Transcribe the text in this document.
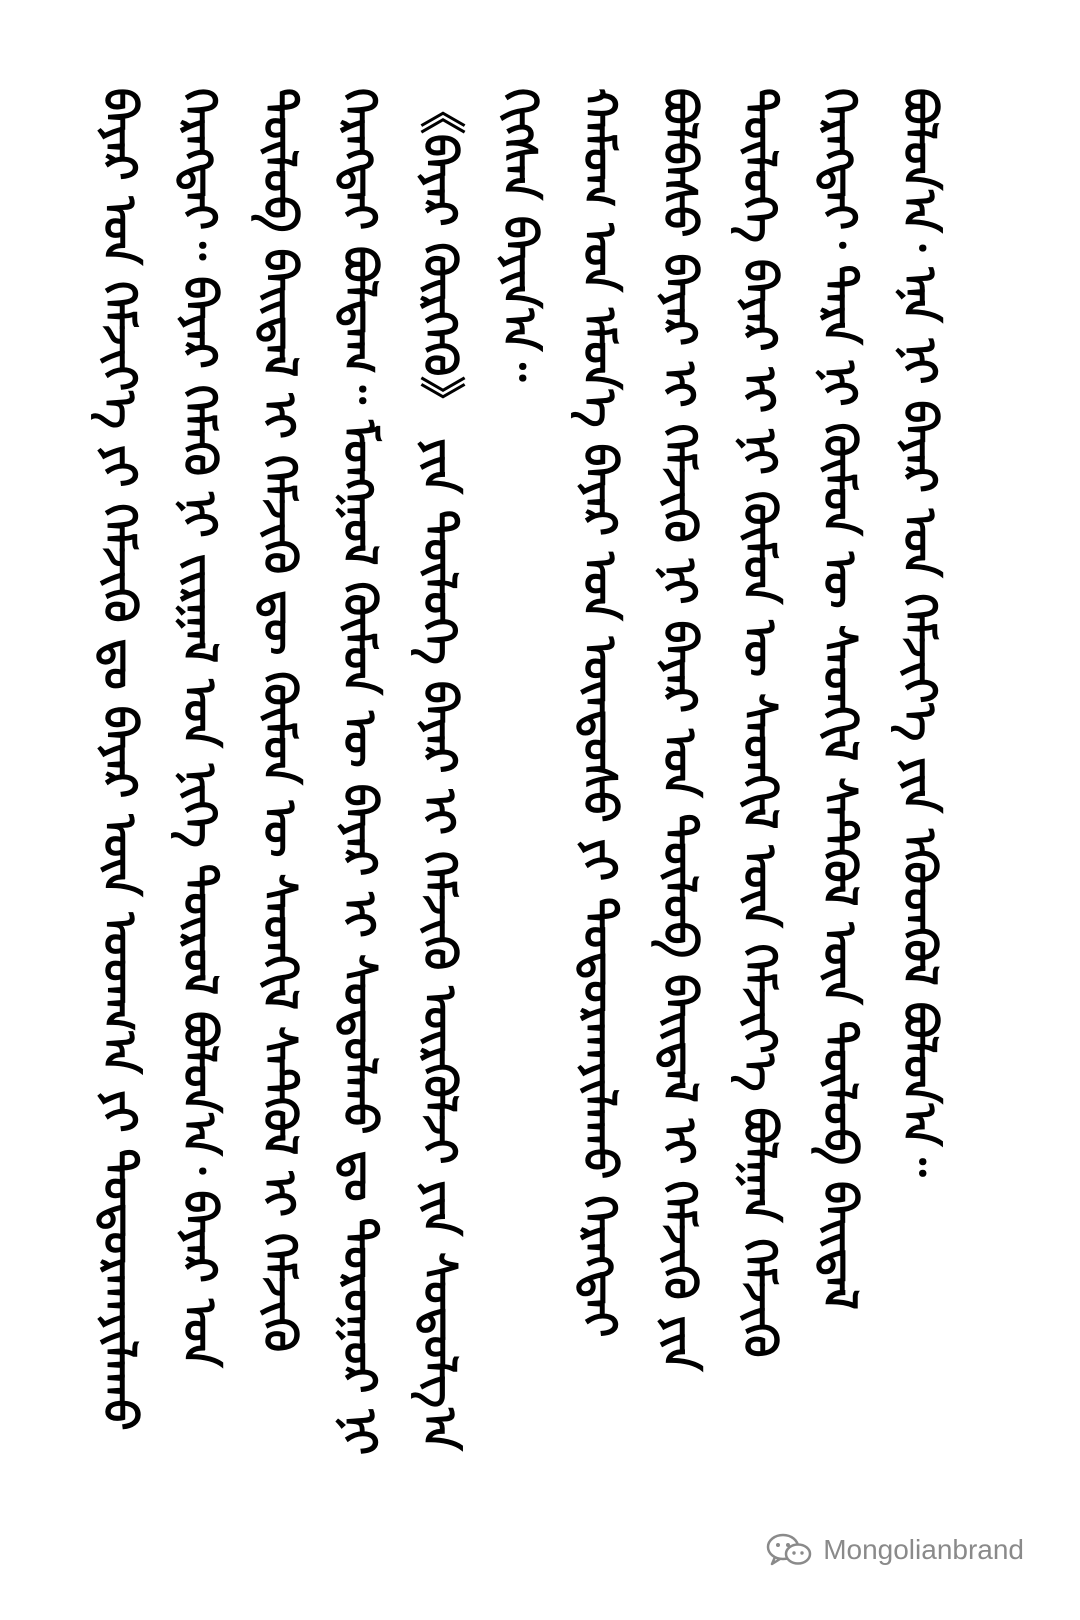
ᠪᠠᠶᠠᠷ ᠤᠨ ᠬᠡᠮᠵᠢᠶ᠎ᠡ ᠶᠢ ᠬᠡᠮᠵᠢᠬᠦ ᠳᠤ ᠪᠠᠶᠠᠷ ᠦᠨ ᠤᠳᠬ᠎ᠠ ᠶᠢ ᠲᠣᠳᠤᠷᠬᠠᠶᠢᠯᠠᠬᠤ ᠬᠡᠷᠡᠭᠲᠡᠢ᠃ ᠪᠠᠶᠠᠷ ᠬᠡᠮᠡᠬᠦ ᠨᠢ ᠵᠢᠷᠭᠠᠯ ᠤᠨ ᠨᠢᠭᠡ ᠲᠥᠷᠥᠯ ᠪᠣᠯᠤᠨ᠎ᠠ᠂ ᠪᠠᠶᠠᠷ ᠤᠨ ᠲᠥᠯᠥᠪ ᠪᠠᠢᠳᠠᠯ ᠢ ᠬᠡᠮᠵᠢᠬᠦ ᠳᠦ ᠬᠦᠮᠦᠨ ᠦ ᠰᠡᠳᠬᠢᠯ ᠰᠡᠲᠭᠦᠯ ᠢ ᠬᠡᠮᠵᠢᠬᠦ ᠬᠡᠷᠡᠭᠲᠡᠢ ᠪᠣᠯᠳᠠᠭ᠃ ᠮᠣᠩᠭᠣᠯ ᠬᠦᠮᠦᠨ ᠦ ᠪᠠᠶᠠᠷ ᠢ ᠰᠤᠳᠤᠯᠬᠤ ᠳᠤ ᠳᠣᠷᠤᠭᠤᠷ ᠨᠢ 《ᠪᠠᠶᠠᠷ ᠬᠦᠷᠭᠡᠬᠦ》 ᠶᠢᠨ ᠲᠥᠯᠥᠭᠡ ᠪᠠᠶᠠᠷ ᠢ ᠬᠡᠮᠵᠢᠬᠦ ᠦᠷᠭᠦᠯᠵᠢ ᠶᠢᠨ ᠰᠤᠳᠤᠯᠭ᠎ᠠ ᠬᠢᠭᠰᠡᠨ ᠪᠠᠶᠢᠨ᠎ᠠ᠃ ᠬᠠᠮᠤᠭ ᠤᠨ ᠡᠮᠦᠨ᠎ᠡ ᠪᠠᠶᠠᠷ ᠤᠨ ᠦᠨᠳᠦᠰᠦ ᠶᠢ ᠲᠣᠳᠤᠷᠬᠠᠶᠢᠯᠠᠬᠤ ᠬᠡᠷᠡᠭᠲᠡᠢ ᠪᠣᠯᠪᠠᠰᠤ ᠪᠠᠶᠠᠷ ᠢ ᠬᠡᠮᠵᠢᠬᠦ ᠨᠢ ᠪᠠᠶᠠᠷ ᠤᠨ ᠲᠥᠯᠥᠪ ᠪᠠᠢᠳᠠᠯ ᠢ ᠬᠡᠮᠵᠢᠬᠦ ᠶᠢᠨ ᠲᠥᠯᠥᠭᠡ ᠪᠠᠶᠠᠷ ᠢ ᠨᠢ ᠬᠦᠮᠦᠨ ᠦ ᠰᠡᠳᠬᠢᠯ ᠦᠨ ᠬᠡᠮᠵᠢᠶ᠎ᠡ ᠪᠣᠯᠭᠠᠨ ᠬᠡᠮᠵᠢᠬᠦ ᠬᠡᠷᠡᠭᠲᠡᠢ᠂ ᠲᠡᠷᠡ ᠨᠢ ᠬᠦᠮᠦᠨ ᠦ ᠰᠡᠳᠬᠢᠯ ᠰᠡᠲᠭᠦᠯ ᠦᠨ ᠲᠥᠯᠥᠪ ᠪᠠᠢᠳᠠᠯ ᠪᠣᠯᠤᠨ᠎ᠠ᠂ ᠡᠨᠡ ᠨᠢ ᠪᠠᠶᠠᠷ ᠤᠨ ᠬᠡᠮᠵᠢᠶ᠎ᠡ ᠶᠢᠨ ᠡᠭᠦᠳᠬᠦᠯ ᠪᠣᠯᠤᠨ᠎ᠠ᠃

Mongolianbrand
